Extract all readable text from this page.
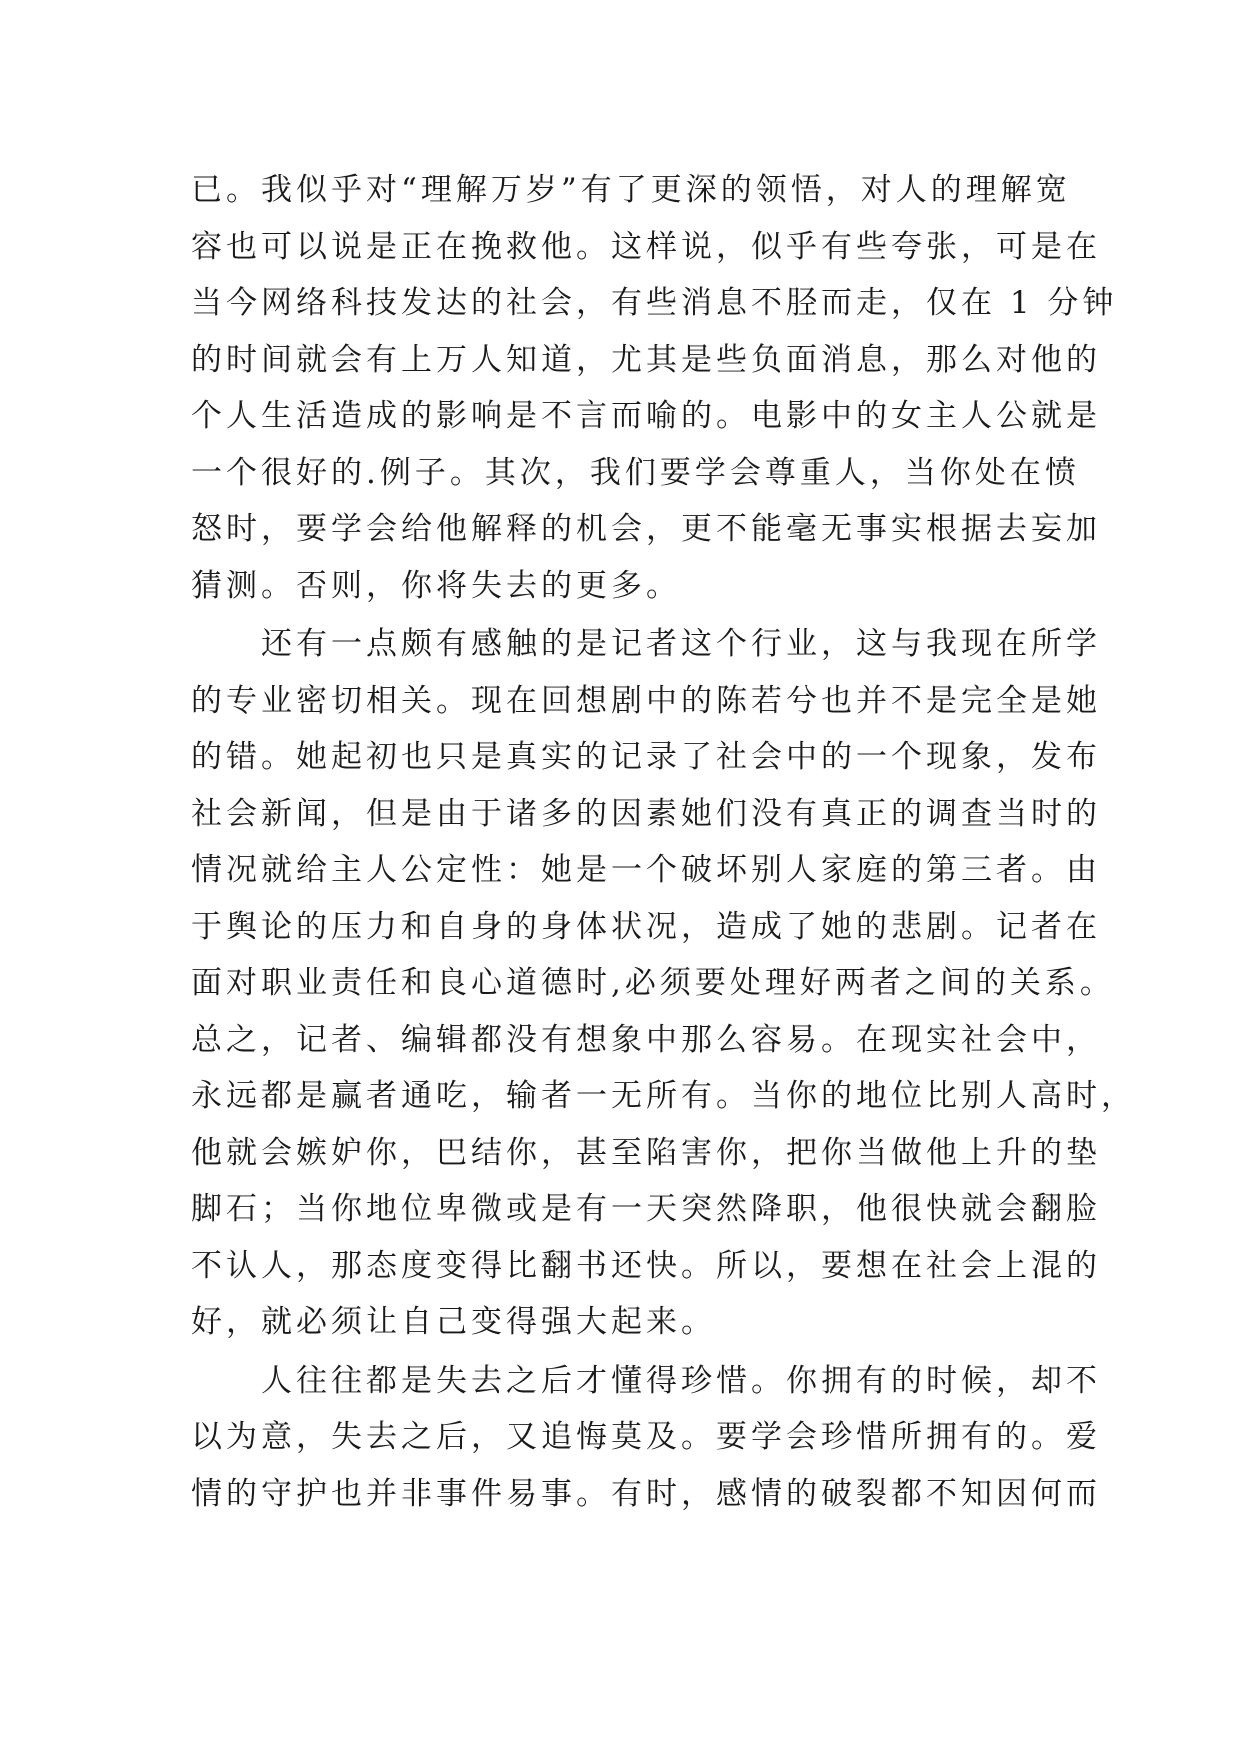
已。我似乎对“理解万岁”有了更深的领悟，对人的理解宽
容也可以说是正在挽救他。这样说，似乎有些夸张，可是在
当今网络科技发达的社会，有些消息不胫而走，仅在 1 分钟
的时间就会有上万人知道，尤其是些负面消息，那么对他的
个人生活造成的影响是不言而喻的。电影中的女主人公就是
一个很好的.例子。其次，我们要学会尊重人，当你处在愤
怒时，要学会给他解释的机会，更不能毫无事实根据去妄加
猜测。否则，你将失去的更多。
　　还有一点颇有感触的是记者这个行业，这与我现在所学
的专业密切相关。现在回想剧中的陈若兮也并不是完全是她
的错。她起初也只是真实的记录了社会中的一个现象，发布
社会新闻，但是由于诸多的因素她们没有真正的调查当时的
情况就给主人公定性：她是一个破坏别人家庭的第三者。由
于舆论的压力和自身的身体状况，造成了她的悲剧。记者在
面对职业责任和良心道德时,必须要处理好两者之间的关系。
总之，记者、编辑都没有想象中那么容易。在现实社会中，
永远都是赢者通吃，输者一无所有。当你的地位比别人高时，
他就会嫉妒你，巴结你，甚至陷害你，把你当做他上升的垫
脚石；当你地位卑微或是有一天突然降职，他很快就会翻脸
不认人，那态度变得比翻书还快。所以，要想在社会上混的
好，就必须让自己变得强大起来。
　　人往往都是失去之后才懂得珍惜。你拥有的时候，却不
以为意，失去之后，又追悔莫及。要学会珍惜所拥有的。爱
情的守护也并非事件易事。有时，感情的破裂都不知因何而
